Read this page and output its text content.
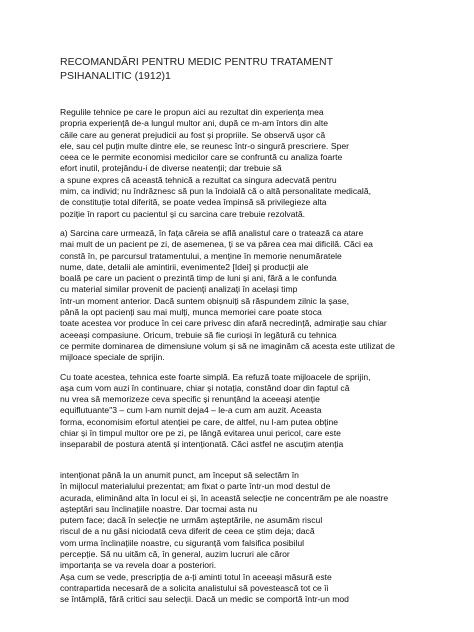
RECOMANDĂRI PENTRU MEDIC PENTRU TRATAMENT
PSIHANALITIC (1912)1
Regulile tehnice pe care le propun aici au rezultat din experiența mea
propria experiență de-a lungul multor ani, după ce m-am întors din alte
căile care au generat prejudicii au fost și propriile. Se observă ușor că
ele, sau cel puțin multe dintre ele, se reunesc într-o singură prescriere. Sper
ceea ce le permite economisi medicilor care se confruntă cu analiza foarte
efort inutil, protejându-i de diverse neatenții; dar trebuie să
a spune expres că această tehnică a rezultat ca singura adecvată pentru
mim, ca individ; nu îndrăznesc să pun la îndoială că o altă personalitate medicală,
de constituție total diferită, se poate vedea împinsă să privilegieze alta
poziție în raport cu pacientul și cu sarcina care trebuie rezolvată.
a) Sarcina care urmează, în fața căreia se află analistul care o tratează ca atare
mai mult de un pacient pe zi, de asemenea, ți se va părea cea mai dificilă. Căci ea
constă în, pe parcursul tratamentului, a menține în memorie nenumăratele
nume, date, detalii ale amintirii, evenimente2 [Idei] și producții ale
boală pe care un pacient o prezintă timp de luni și ani, fără a le confunda
cu material similar provenit de pacienți analizați în același timp
într-un moment anterior. Dacă suntem obișnuiți să răspundem zilnic la șase,
până la opt pacienți sau mai mulți, munca memoriei care poate stoca
toate acestea vor produce în cei care privesc din afară necredință, admirație sau chiar
aceeași compasiune. Oricum, trebuie să fie curioși în legătură cu tehnica
ce permite dominarea de dimensiune volum și să ne imaginăm că acesta este utilizat de
mijloace speciale de sprijin.
Cu toate acestea, tehnica este foarte simplă. Ea refuză toate mijloacele de sprijin,
așa cum vom auzi în continuare, chiar și notația, constând doar din faptul că
nu vrea să memorizeze ceva specific și renunțând la aceeași atenție
equiflutuante"3 – cum l-am numit deja4 – le-a cum am auzit. Aceasta
forma, economisim efortul atenției pe care, de altfel, nu l-am putea obține
chiar și în timpul multor ore pe zi, pe lângă evitarea unui pericol, care este
inseparabil de postura atentă și intenționată. Căci astfel ne ascuțim atenția

intenționat până la un anumit punct, am început să selectăm în
în mijlocul materialului prezentat; am fixat o parte într-un mod destul de
acurada, eliminând alta în locul ei și, în această selecție ne concentrăm pe ale noastre
așteptări sau înclinațiile noastre. Dar tocmai asta nu
putem face; dacă în selecție ne urmăm așteptările, ne asumăm riscul
riscul de a nu găsi niciodată ceva diferit de ceea ce știm deja; dacă
vom urma înclinațiile noastre, cu siguranță vom falsifica posibilul
percepție. Să nu uităm că, în general, auzim lucruri ale căror
importanța se va revela doar a posteriori.
Așa cum se vede, prescripția de a-ți aminti totul în aceeași măsură este
contrapartida necesară de a solicita analistului să povestească tot ce îi
se întâmplă, fără critici sau selecții. Dacă un medic se comportă într-un mod
